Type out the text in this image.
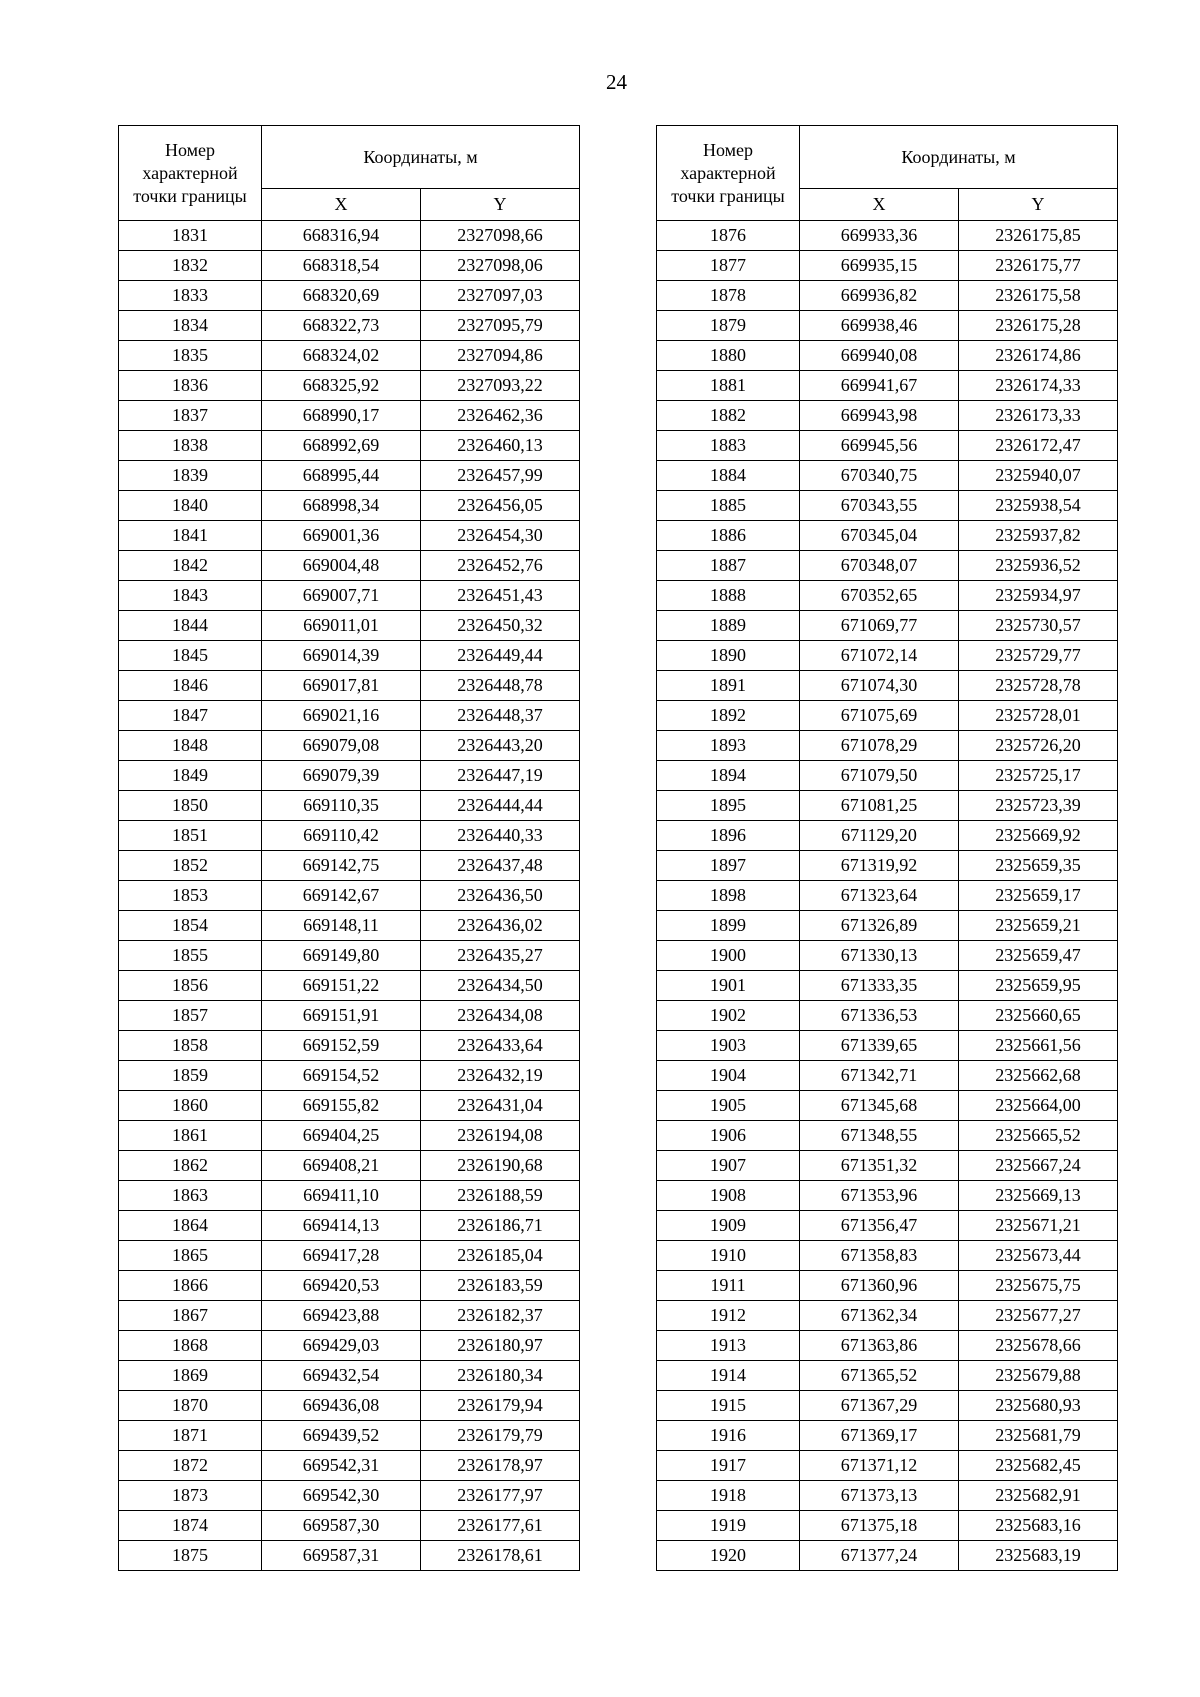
24
Номер характерной точки границы	Координаты, м	
	X	Y
1831	668316,94	2327098,66
1832	668318,54	2327098,06
1833	668320,69	2327097,03
1834	668322,73	2327095,79
1835	668324,02	2327094,86
1836	668325,92	2327093,22
1837	668990,17	2326462,36
1838	668992,69	2326460,13
1839	668995,44	2326457,99
1840	668998,34	2326456,05
1841	669001,36	2326454,30
1842	669004,48	2326452,76
1843	669007,71	2326451,43
1844	669011,01	2326450,32
1845	669014,39	2326449,44
1846	669017,81	2326448,78
1847	669021,16	2326448,37
1848	669079,08	2326443,20
1849	669079,39	2326447,19
1850	669110,35	2326444,44
1851	669110,42	2326440,33
1852	669142,75	2326437,48
1853	669142,67	2326436,50
1854	669148,11	2326436,02
1855	669149,80	2326435,27
1856	669151,22	2326434,50
1857	669151,91	2326434,08
1858	669152,59	2326433,64
1859	669154,52	2326432,19
1860	669155,82	2326431,04
1861	669404,25	2326194,08
1862	669408,21	2326190,68
1863	669411,10	2326188,59
1864	669414,13	2326186,71
1865	669417,28	2326185,04
1866	669420,53	2326183,59
1867	669423,88	2326182,37
1868	669429,03	2326180,97
1869	669432,54	2326180,34
1870	669436,08	2326179,94
1871	669439,52	2326179,79
1872	669542,31	2326178,97
1873	669542,30	2326177,97
1874	669587,30	2326177,61
1875	669587,31	2326178,61
Номер характерной точки границы	Координаты, м	
	X	Y
1876	669933,36	2326175,85
1877	669935,15	2326175,77
1878	669936,82	2326175,58
1879	669938,46	2326175,28
1880	669940,08	2326174,86
1881	669941,67	2326174,33
1882	669943,98	2326173,33
1883	669945,56	2326172,47
1884	670340,75	2325940,07
1885	670343,55	2325938,54
1886	670345,04	2325937,82
1887	670348,07	2325936,52
1888	670352,65	2325934,97
1889	671069,77	2325730,57
1890	671072,14	2325729,77
1891	671074,30	2325728,78
1892	671075,69	2325728,01
1893	671078,29	2325726,20
1894	671079,50	2325725,17
1895	671081,25	2325723,39
1896	671129,20	2325669,92
1897	671319,92	2325659,35
1898	671323,64	2325659,17
1899	671326,89	2325659,21
1900	671330,13	2325659,47
1901	671333,35	2325659,95
1902	671336,53	2325660,65
1903	671339,65	2325661,56
1904	671342,71	2325662,68
1905	671345,68	2325664,00
1906	671348,55	2325665,52
1907	671351,32	2325667,24
1908	671353,96	2325669,13
1909	671356,47	2325671,21
1910	671358,83	2325673,44
1911	671360,96	2325675,75
1912	671362,34	2325677,27
1913	671363,86	2325678,66
1914	671365,52	2325679,88
1915	671367,29	2325680,93
1916	671369,17	2325681,79
1917	671371,12	2325682,45
1918	671373,13	2325682,91
1919	671375,18	2325683,16
1920	671377,24	2325683,19
